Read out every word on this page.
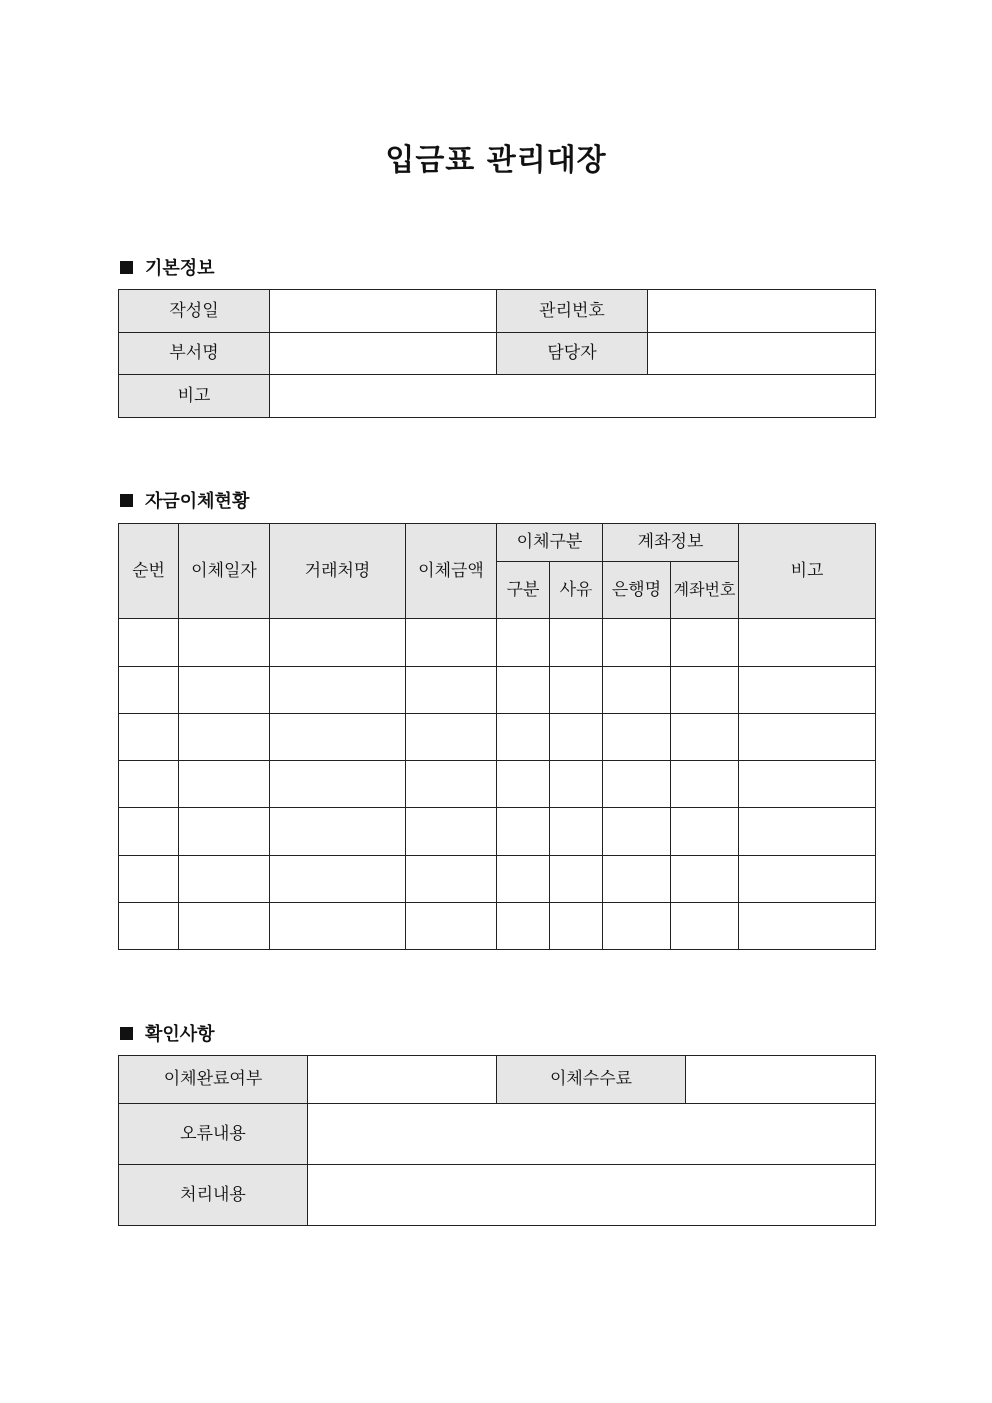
입금표 관리대장
기본정보
작성일		관리번호	
부서명		담당자	
비고			
자금이체현황
순번	이체일자	거래처명	이체금액	이체구분		계좌정보		비고
				구분	사유	은행명	계좌번호	

확인사항
이체완료여부		이체수수료	
오류내용			
처리내용			
